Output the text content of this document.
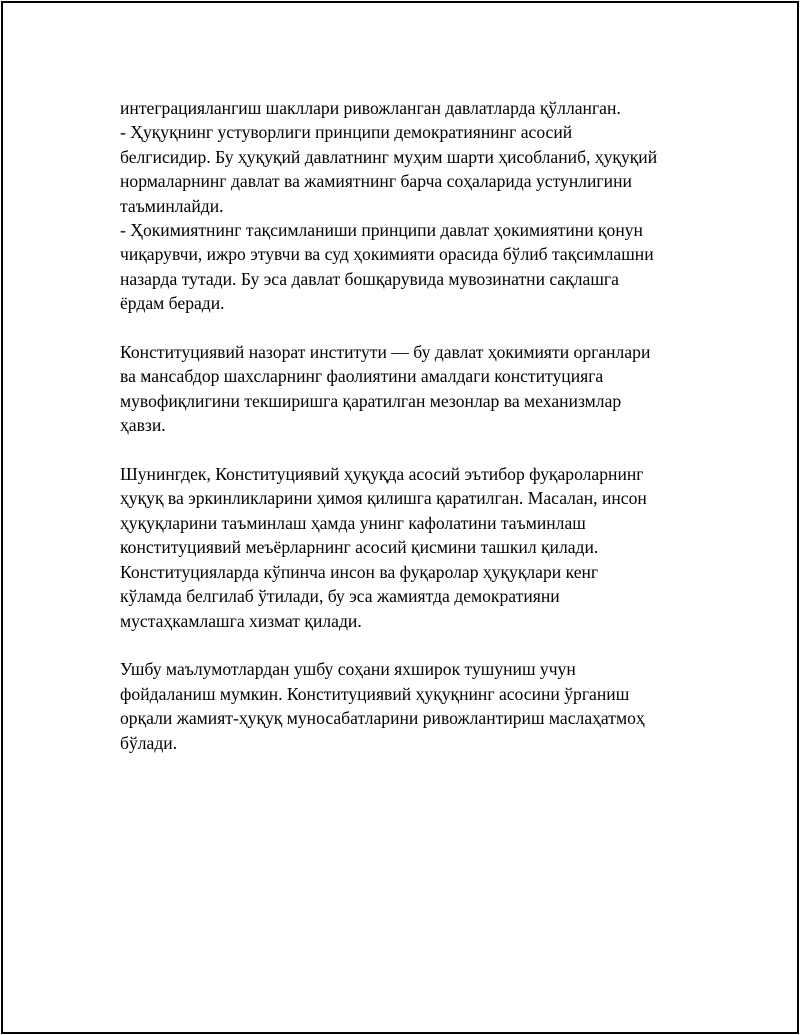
интеграциялангиш шакллари ривожланган давлатларда қўлланган.
- Ҳуқуқнинг устуворлиги принципи демократиянинг асосий
белгисидир. Бу ҳуқуқий давлатнинг муҳим шарти ҳисобланиб, ҳуқуқий
нормаларнинг давлат ва жамиятнинг барча соҳаларида устунлигини
таъминлайди.
- Ҳокимиятнинг тақсимланиши принципи давлат ҳокимиятини қонун
чиқарувчи, ижро этувчи ва суд ҳокимияти орасида бўлиб тақсимлашни
назарда тутади. Бу эса давлат бошқарувида мувозинатни сақлашга
ёрдам беради.

Конституциявий назорат институти — бу давлат ҳокимияти органлари
ва мансабдор шахсларнинг фаолиятини амалдаги конституцияга
мувофиқлигини текширишга қаратилган мезонлар ва механизмлар
ҳавзи.

Шунингдек, Конституциявий ҳуқуқда асосий эътибор фуқароларнинг
ҳуқуқ ва эркинликларини ҳимоя қилишга қаратилган. Масалан, инсон
ҳуқуқларини таъминлаш ҳамда унинг кафолатини таъминлаш
конституциявий меъёрларнинг асосий қисмини ташкил қилади.
Конституцияларда кўпинча инсон ва фуқаролар ҳуқуқлари кенг
кўламда белгилаб ўтилади, бу эса жамиятда демократияни
мустаҳкамлашга хизмат қилади.

Ушбу маълумотлардан ушбу соҳани яхширок тушуниш учун
фойдаланиш мумкин. Конституциявий ҳуқуқнинг асосини ўрганиш
орқали жамият-ҳуқуқ муносабатларини ривожлантириш маслаҳатмоҳ
бўлади.
